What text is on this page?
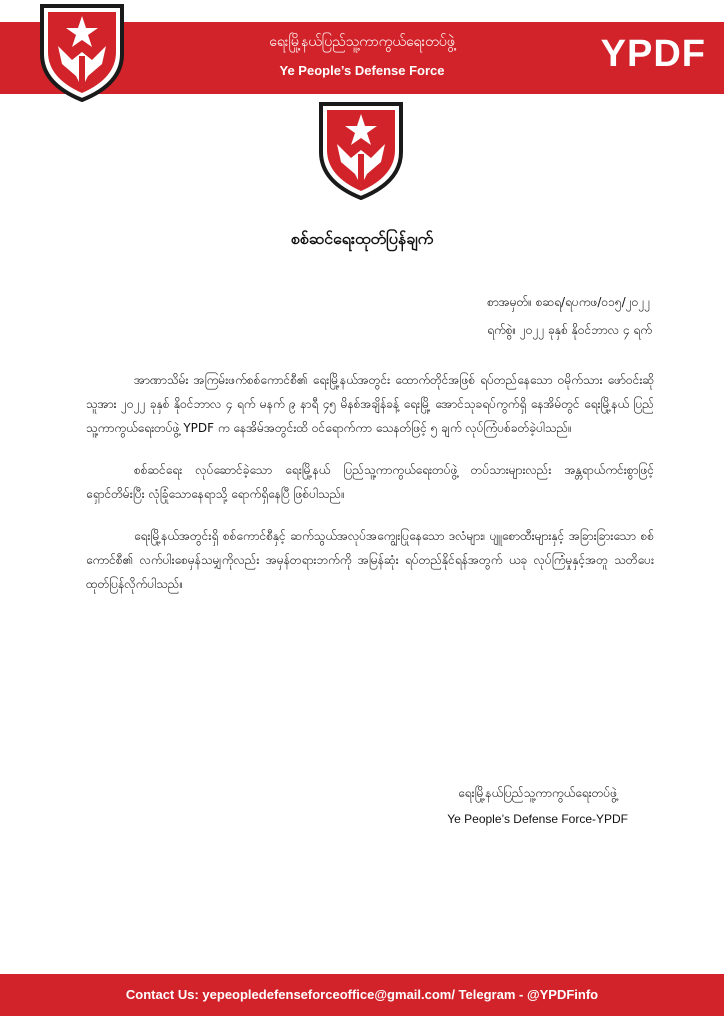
ရေးမြို့နယ်ပြည်သူ့ကာကွယ်ရေးတပ်ဖွဲ့
Ye People’s Defense Force	YPDF
စစ်ဆင်ရေးထုတ်ပြန်ချက်
စာအမှတ်။ စဆရ/ရပကဖ/၀၁၅/၂၀၂၂
ရက်စွဲ။ ၂၀၂၂ ခုနှစ် နိုဝင်ဘာလ ၄ ရက်

အာဏာသိမ်း အကြမ်းဖက်စစ်ကောင်စီ၏ ရေးမြို့နယ်အတွင်း ထောက်တိုင်အဖြစ် ရပ်တည်နေသော ဝမိုက်သား ဖော်ဝင်းဆိုသူအား ၂၀၂၂ ခုနှစ် နိုဝင်ဘာလ ၄ ရက် မနက် ၉ နာရီ ၄၅ မိနစ်အချိန်ခန့် ရေးမြို့ အောင်သုခရပ်ကွက်ရှိ နေအိမ်တွင် ရေးမြို့နယ် ပြည်သူ့ကာကွယ်ရေးတပ်ဖွဲ့ YPDF က နေအိမ်အတွင်းထိ ဝင်ရောက်ကာ သေနတ်ဖြင့် ၅ ချက် လုပ်ကြံပစ်ခတ်ခဲ့ပါသည်။

စစ်ဆင်ရေး လုပ်ဆောင်ခဲ့သော ရေးမြို့နယ် ပြည်သူ့ကာကွယ်ရေးတပ်ဖွဲ့ တပ်သားများလည်း အန္တရာယ်ကင်းစွာဖြင့် ရှောင်တိမ်းပြီး လုံခြုံသောနေရာသို့ ရောက်ရှိနေပြီ ဖြစ်ပါသည်။

ရေးမြို့နယ်အတွင်းရှိ စစ်ကောင်စီနှင့် ဆက်သွယ်အလုပ်အကျွေးပြုနေသော ဒလံများ၊ ပျူစောထီးများနှင့် အခြားခြားသော စစ်ကောင်စီ၏ လက်ပါးစေမှန်သမျှကိုလည်း အမှန်တရားဘက်ကို အမြန်ဆုံး ရပ်တည်နိုင်ရန်အတွက် ယခု လုပ်ကြံမှုနှင့်အတူ သတိပေး ထုတ်ပြန်လိုက်ပါသည်။

ရေးမြို့နယ်ပြည်သူ့ကာကွယ်ရေးတပ်ဖွဲ့
Ye People’s Defense Force-YPDF
Contact Us: yepeopledefenseforceoffice@gmail.com/ Telegram - @YPDFinfo
